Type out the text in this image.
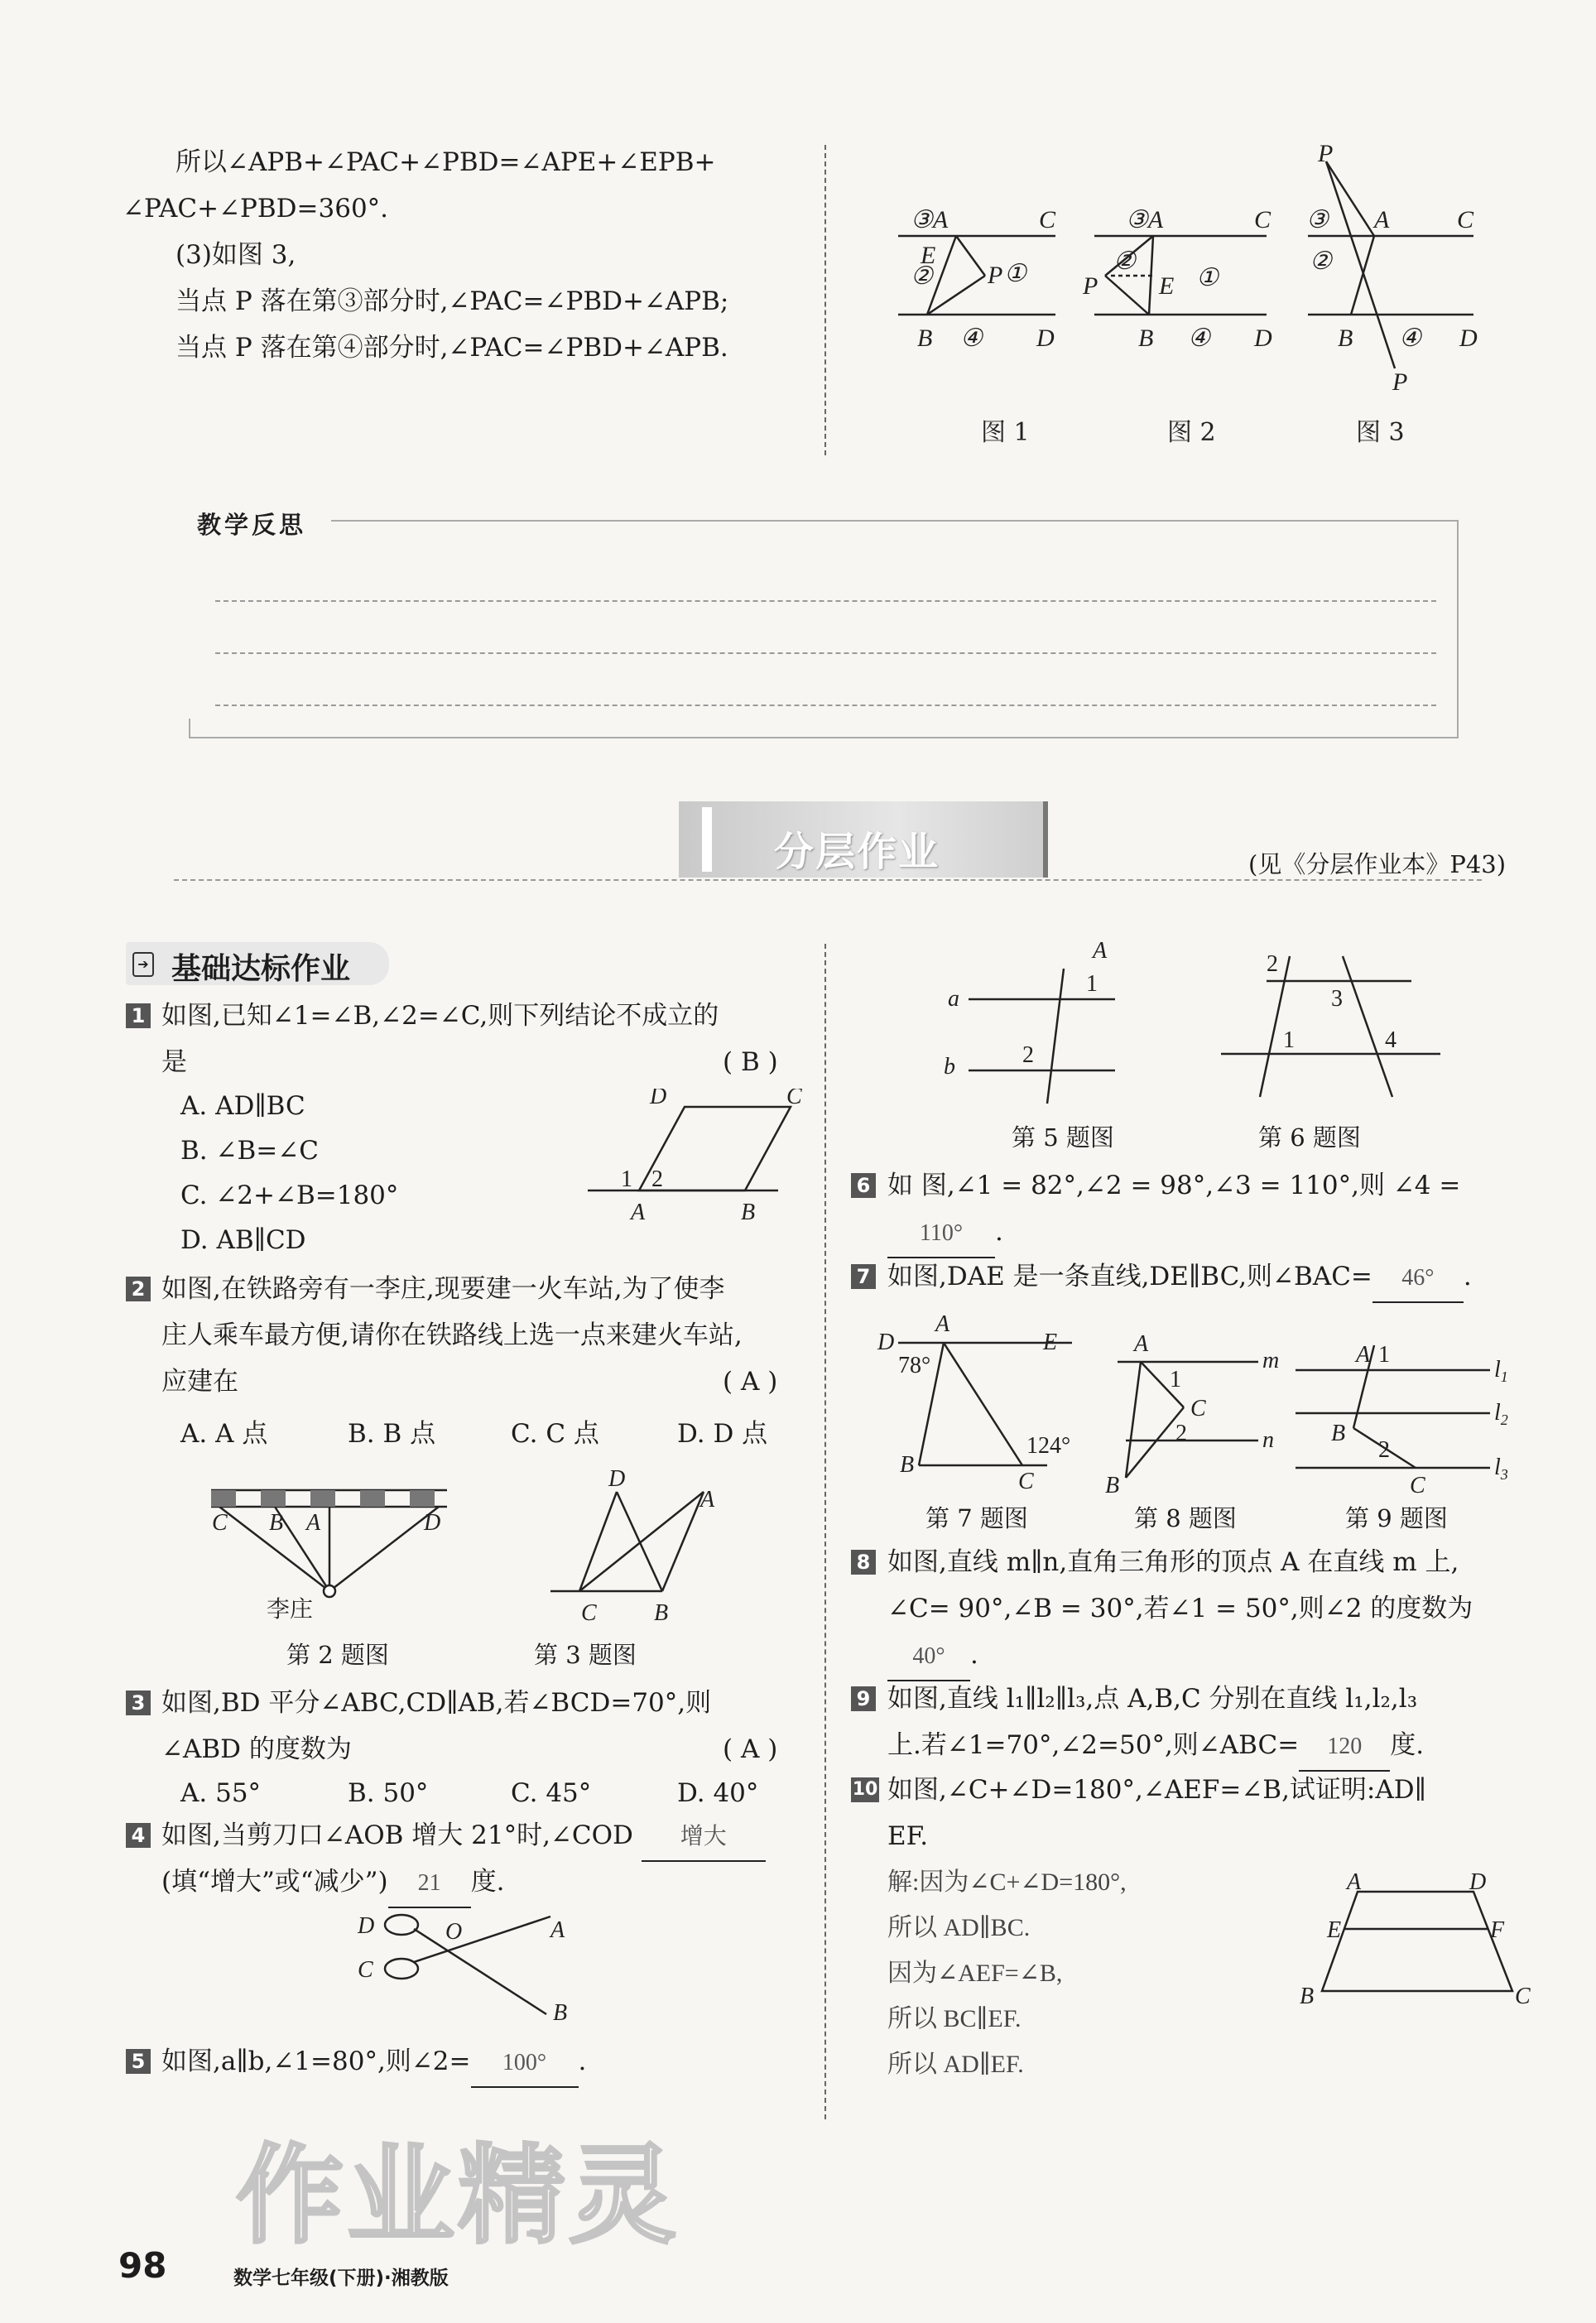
所以∠APB+∠PAC+∠PBD=∠APE+∠EPB+
∠PAC+∠PBD=360°.
(3)如图 3,
当点 P 落在第③部分时,∠PAC=∠PBD+∠APB;
当点 P 落在第④部分时,∠PAC=∠PBD+∠APB.
③A	C
②
E
P ①
B ④ D
③A	C
②
P E ①
B ④ D
P
③ A	C
②
B ④ D
P
图 1	图 2	图 3
教学反思
分层作业	(见《分层作业本》P43)
➔ 基础达标作业
1 如图,已知∠1=∠B,∠2=∠C,则下列结论不成立的
是	( B )
A. AD∥BC
B. ∠B=∠C
C. ∠2+∠B=180°
D. AB∥CD
D	C
1 2
A	B
2 如图,在铁路旁有一李庄,现要建一火车站,为了使李
庄人乘车最方便,请你在铁路线上选一点来建火车站,
应建在	( A )
A. A 点	B. B 点	C. C 点	D. D 点
C B A	D
李庄	C B
D
A
第 2 题图	第 3 题图
3 如图,BD 平分∠ABC,CD∥AB,若∠BCD=70°,则
∠ABD 的度数为	( A )
A. 55°	B. 50°	C. 45°	D. 40°
4 如图,当剪刀口∠AOB 增大 21°时,∠COD 增大
(填“增大”或“减少”) 21 度.
D
C
O	A
B
5 如图,a∥b,∠1=80°,则∠2= 100° .
a
b
A
1
2
2
3
1	4
第 5 题图	第 6 题图
6 如 图,∠1 = 82°,∠2 = 98°,∠3 = 110°,则 ∠4 =
110° .
7 如图,DAE 是一条直线,DE∥BC,则∠BAC= 46° .
D
A
E
B
C
78°
124°
A
m
n
C
B
1
2
A 1
B
2
C
$l_1$
$l_2$
$l_3$
第 7 题图	第 8 题图	第 9 题图
8 如图,直线 m∥n,直角三角形的顶点 A 在直线 m 上,
∠C= 90°,∠B = 30°,若∠1 = 50°,则∠2 的度数为
40° .
9 如图,直线 l₁∥l₂∥l₃,点 A,B,C 分别在直线 l₁,l₂,l₃
上.若∠1=70°,∠2=50°,则∠ABC= 120 度.
10 如图,∠C+∠D=180°,∠AEF=∠B,试证明:AD∥
EF.
解:因为∠C+∠D=180°,
所以 AD∥BC.
因为∠AEF=∠B,
所以 BC∥EF.
所以 AD∥EF.
A	D
E	F
B	C
作业精灵
98	数学七年级(下册)·湘教版
